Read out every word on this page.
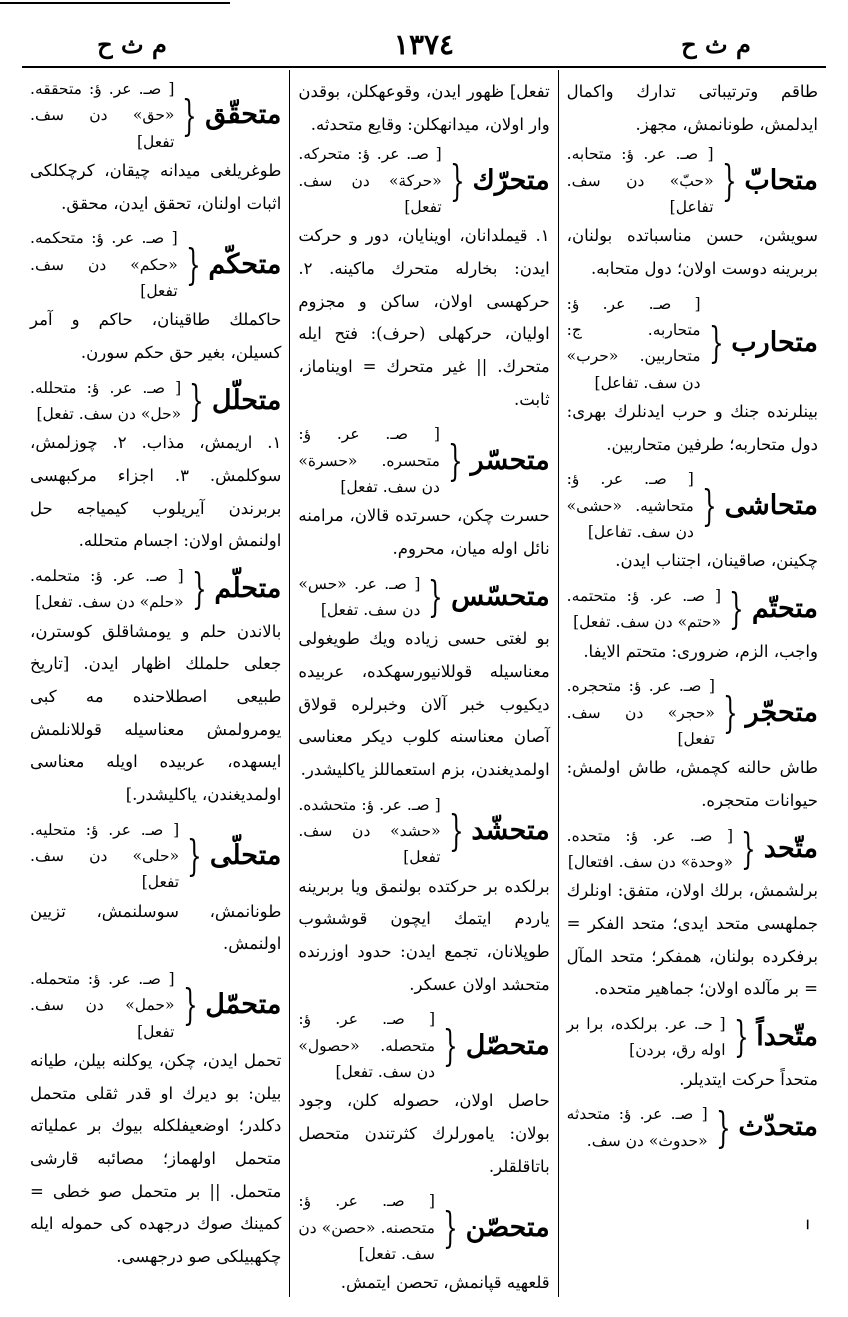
م ث ح	١٣٧٤	م ث ح

طاقم وترتيباتى تدارك واكمال ايدلمش، طونانمش، مجهز.

متحابّ
{
[ صـ. عر. ؤ: متحابه. «حبّ» دن سف. تفاعل]

سويشن، حسن مناسباتده بولنان، بربرينه دوست اولان؛ دول متحابه.

متحارب
{
[ صـ. عر. ؤ: متحاربه. ج: متحاربين. «حرب» دن سف. تفاعل]

بينلرنده جنك و حرب ايدنلرك بهرى: دول متحاربه؛ طرفين متحاربين.

متحاشى
{
[ صـ. عر. ؤ: متحاشيه. «حشى» دن سف. تفاعل]

چكينن، صاقينان، اجتناب ايدن.

متحتّم
{
[ صـ. عر. ؤ: متحتمه. «حتم» دن سف. تفعل]

واجب، الزم، ضرورى: متحتم الايفا.

متحجّر
{
[ صـ. عر. ؤ: متحجره. «حجر» دن سف. تفعل]

طاش حالنه كچمش، طاش اولمش: حيوانات متحجره.

متّحد
{
[ صـ. عر. ؤ: متحده. «وحدة» دن سف. افتعال]

برلشمش، برلك اولان، متفق: اونلرك جملهسى متحد ايدى؛ متحد الفكر = برفكرده بولنان، همفكر؛ متحد المآل = بر مآلده اولان؛ جماهير متحده.

متّحداً
{
[ حـ. عر. برلكده، برا بر اوله رق، بردن]

متحداً حركت ايتديلر.

متحدّث
{
[ صـ. عر. ؤ: متحدثه «حدوث» دن سف.

تفعل] ظهور ايدن، وقوعهكلن، بوقدن وار اولان، ميدانهكلن: وقايع متحدثه.

متحرّك
{
[ صـ. عر. ؤ: متحركه. «حركة» دن سف. تفعل]

١. قيملدانان، اوينايان، دور و حركت ايدن: بخارله متحرك ماكينه. ٢. حركهسى اولان، ساكن و مجزوم اوليان، حركهلى (حرف): فتح ايله متحرك. || غير متحرك = اويناماز، ثابت.

متحسّر
{
[ صـ. عر. ؤ: متحسره. «حسرة» دن سف. تفعل]

حسرت چكن، حسرتده قالان، مرامنه نائل اوله ميان، محروم.

متحسّس
{
[ صـ. عر. «حس» دن سف. تفعل]

بو لغتى حسى زياده ويك طويغولى معناسيله قوللانيورسهكده، عربيده ديكيوب خبر آلان وخبرلره قولاق آصان معناسنه كلوب ديكر معناسى اولمديغندن، بزم استعماللز ياكليشدر.

متحشّد
{
[ صـ. عر. ؤ: متحشده. «حشد» دن سف. تفعل]

برلكده بر حركتده بولنمق ويا بربرينه ياردم ايتمك ايچون قوششوب طوپلانان، تجمع ايدن: حدود اوزرنده متحشد اولان عسكر.

متحصّل
{
[ صـ. عر. ؤ: متحصله. «حصول» دن سف. تفعل]

حاصل اولان، حصوله كلن، وجود بولان: يامورلرك كثرتندن متحصل باتاقلقلر.

متحصّن
{
[ صـ. عر. ؤ: متحصنه. «حصن» دن سف. تفعل]

قلعهيه قپانمش، تحصن ايتمش.

متحقّق
{
[ صـ. عر. ؤ: متحققه. «حق» دن سف. تفعل]

طوغريلغى ميدانه چيقان، كرچكلكى اثبات اولنان، تحقق ايدن، محقق.

متحكّم
{
[ صـ. عر. ؤ: متحكمه. «حكم» دن سف. تفعل]

حاكملك طاقينان، حاكم و آمر كسيلن، بغير حق حكم سورن.

متحلّل
{
[ صـ. عر. ؤ: متحلله. «حل» دن سف. تفعل]

١. اريمش، مذاب. ٢. چوزلمش، سوكلمش. ٣. اجزاء مركبهسى بربرندن آيريلوب كيمياجه حل اولنمش اولان: اجسام متحلله.

متحلّم
{
[ صـ. عر. ؤ: متحلمه. «حلم» دن سف. تفعل]

بالاندن حلم و يومشاقلق كوسترن، جعلى حلملك اظهار ايدن. [تاريخ طبيعى اصطلاحنده مه كبى يومرولمش معناسيله قوللانلمش ايسهده، عربيده اويله معناسى اولمديغندن، ياكليشدر.]

متحلّى
{
[ صـ. عر. ؤ: متحليه. «حلى» دن سف. تفعل]

طونانمش، سوسلنمش، تزيين اولنمش.

متحمّل
{
[ صـ. عر. ؤ: متحمله. «حمل» دن سف. تفعل]

تحمل ايدن، چكن، يوكلنه بيلن، طيانه بيلن: بو ديرك او قدر ثقلى متحمل دكلدر؛ اوضعيفلكله بيوك بر عملياته متحمل اولهماز؛ مصائبه قارشى متحمل. || بر متحمل صو خطى = كمينك صوك درجهده كى حموله ايله چكهبيلكى صو درجهسى.

ا
